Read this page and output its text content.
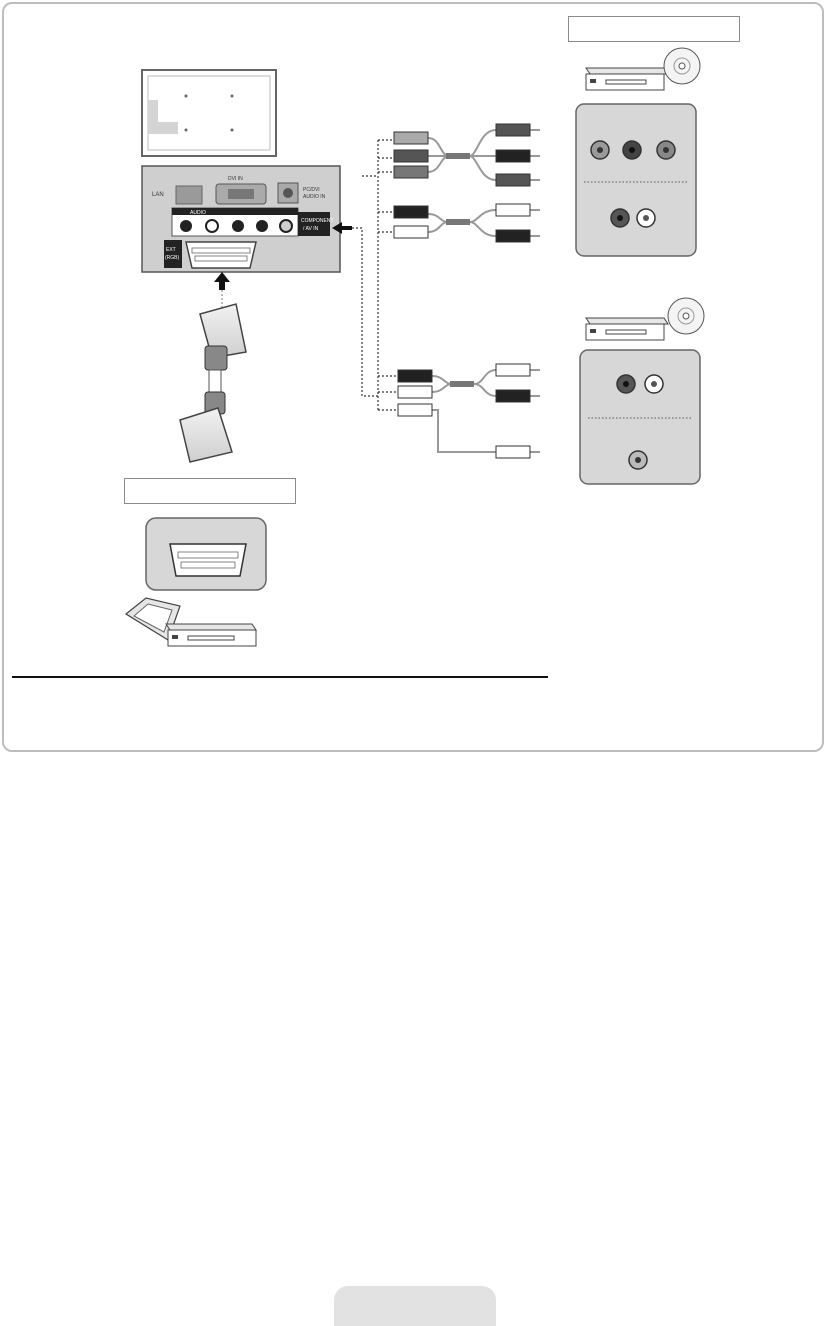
LAN
DVI IN
PC/DVI
AUDIO IN
AUDIO
COMPONENT
/ AV IN
EXT
(RGB)
